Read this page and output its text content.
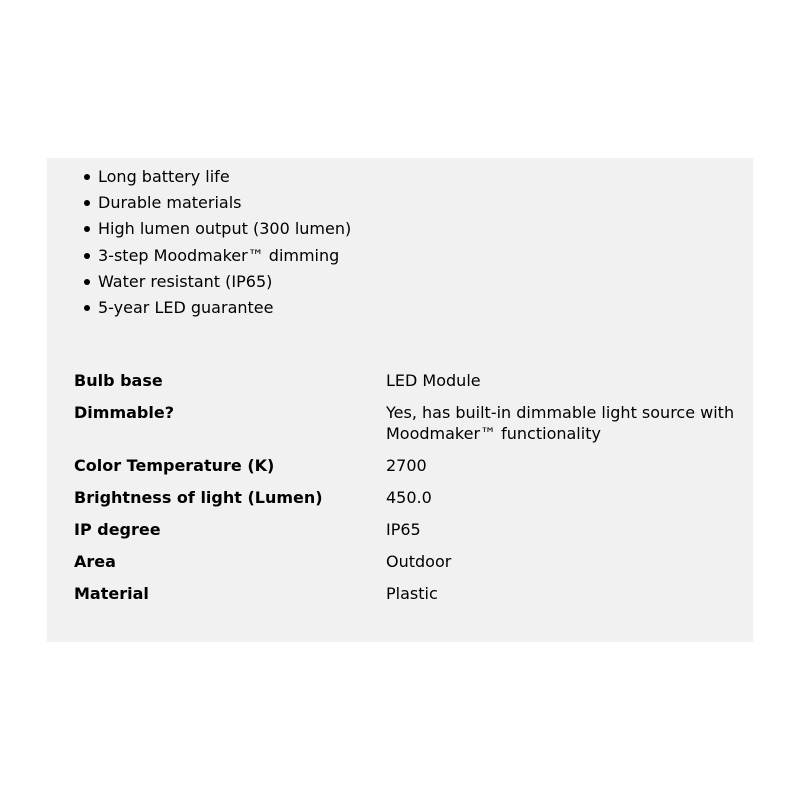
Long battery life
Durable materials
High lumen output (300 lumen)
3-step Moodmaker™ dimming
Water resistant (IP65)
5-year LED guarantee
Bulb base	LED Module
Dimmable?	Yes, has built-in dimmable light source with Moodmaker™ functionality
Color Temperature (K)	2700
Brightness of light (Lumen)	450.0
IP degree	IP65
Area	Outdoor
Material	Plastic
